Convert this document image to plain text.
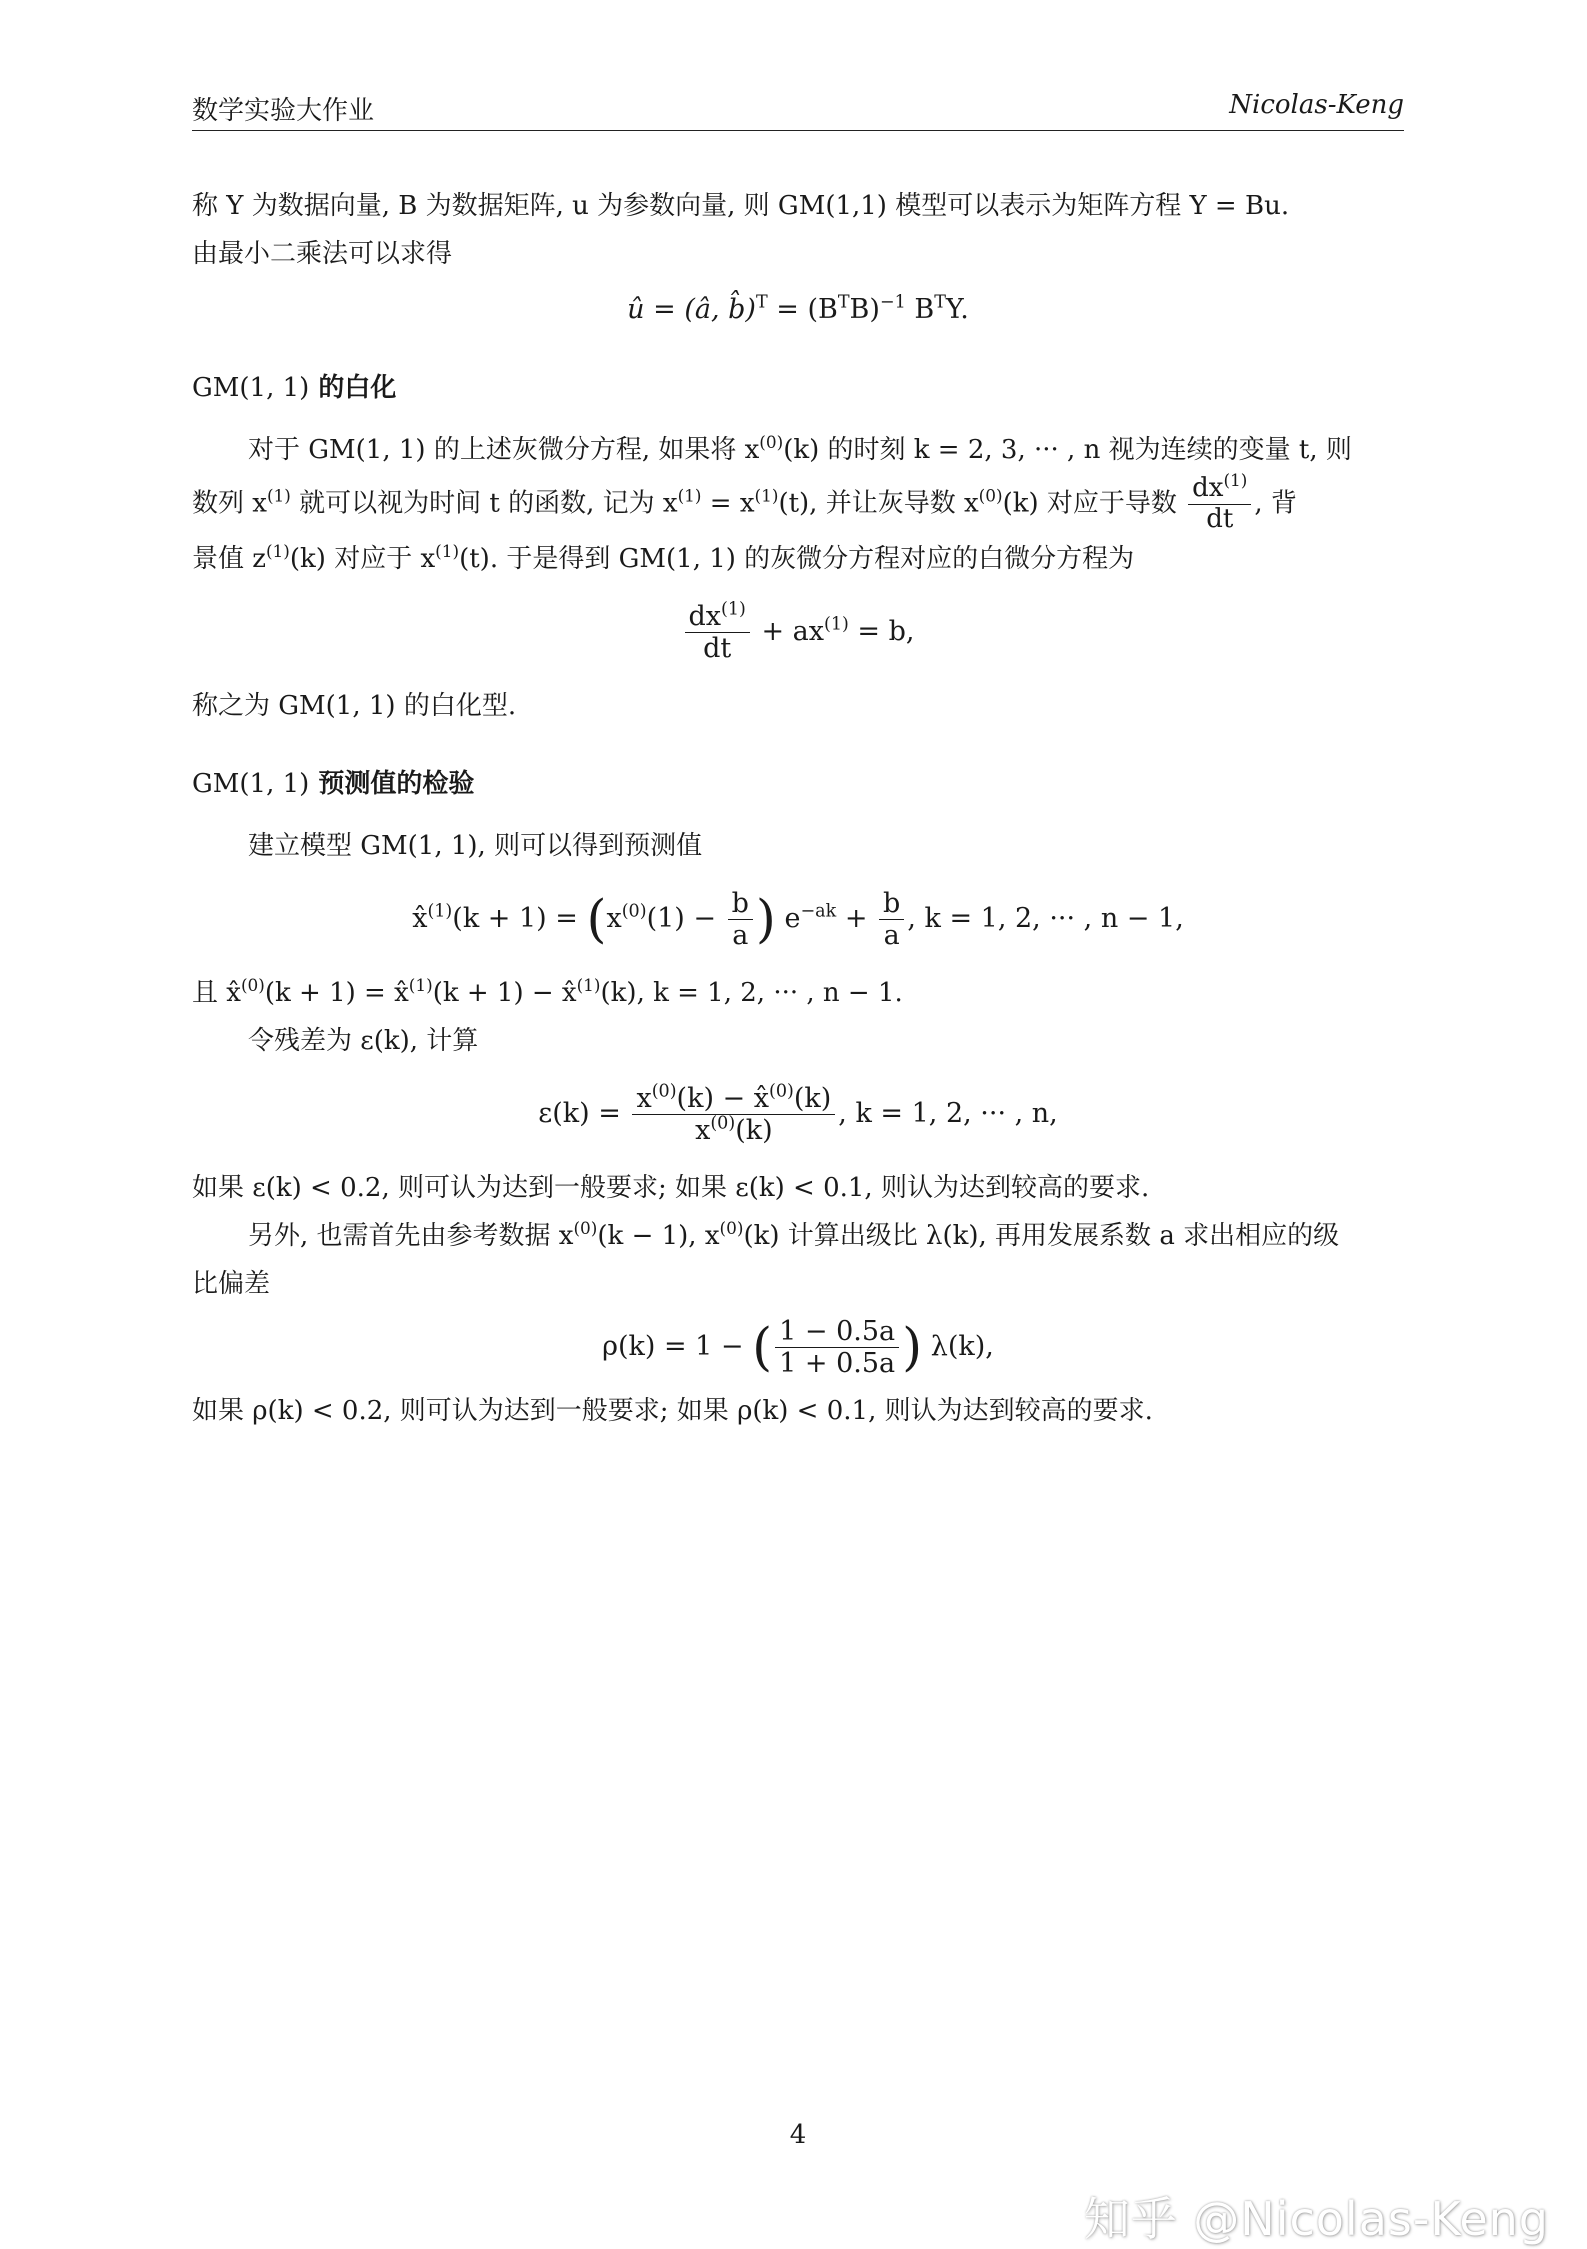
数学实验大作业	Nicolas-Keng

称 Y 为数据向量, B 为数据矩阵, u 为参数向量, 则 GM(1,1) 模型可以表示为矩阵方程 Y = Bu.

由最小二乘法可以求得

û = (â, b̂)$^T$ = $(B^TB)^{-1}$ $B^TY$.

GM(1, 1) 的白化

对于 GM(1, 1) 的上述灰微分方程, 如果将 $x^{(0)}(k)$ 的时刻 k = 2, 3, ··· , n 视为连续的变量 t, 则

数列 $x^{(1)}$ 就可以视为时间 t 的函数, 记为 $x^{(1)} = x^{(1)}(t)$, 并让灰导数 $x^{(0)}(k)$ 对应于导数 $\frac{dx^{(1)}}{dt}$ , 背

景值 $z^{(1)}(k)$ 对应于 $x^{(1)}(t)$. 于是得到 GM(1, 1) 的灰微分方程对应的白微分方程为

$\frac{dx^{(1)}}{dt} + ax^{(1)} = b$,

称之为 GM(1, 1) 的白化型.

GM(1, 1) 预测值的检验

建立模型 GM(1, 1), 则可以得到预测值

x̂$^{(1)}$(k + $1) = (x^{(0)}(1) - \frac{b}{a}$ ) $e^{-ak} + \frac{b}{a}$ , k = 1, 2, ··· , n − 1,

且 x̂$^{(0)}$(k + 1) = x̂$^{(1)}$(k + 1) − x̂$^{(1)}$(k), k = 1, 2, ··· , n − 1.

令残差为 ε(k), 计算

$\varepsilon(k) = \frac{x^{(0)}(k) - x̂^{(0)}(k)}{x^{(0)}(k)}$ , k = 1, 2, ··· , n,

如果 ε(k) < 0.2, 则可认为达到一般要求; 如果 ε(k) < 0.1, 则认为达到较高的要求.

另外, 也需首先由参考数据 $x^{(0)}(k - 1)$, $x^{(0)}(k)$ 计算出级比 λ(k), 再用发展系数 a 求出相应的级

比偏差

ρ(k) = 1 − ( $\frac{1 - 0.5a}{1 + 0.5a}$ ) λ(k),

如果 ρ(k) < 0.2, 则可认为达到一般要求; 如果 ρ(k) < 0.1, 则认为达到较高的要求.

4
知乎 @Nicolas-Keng
